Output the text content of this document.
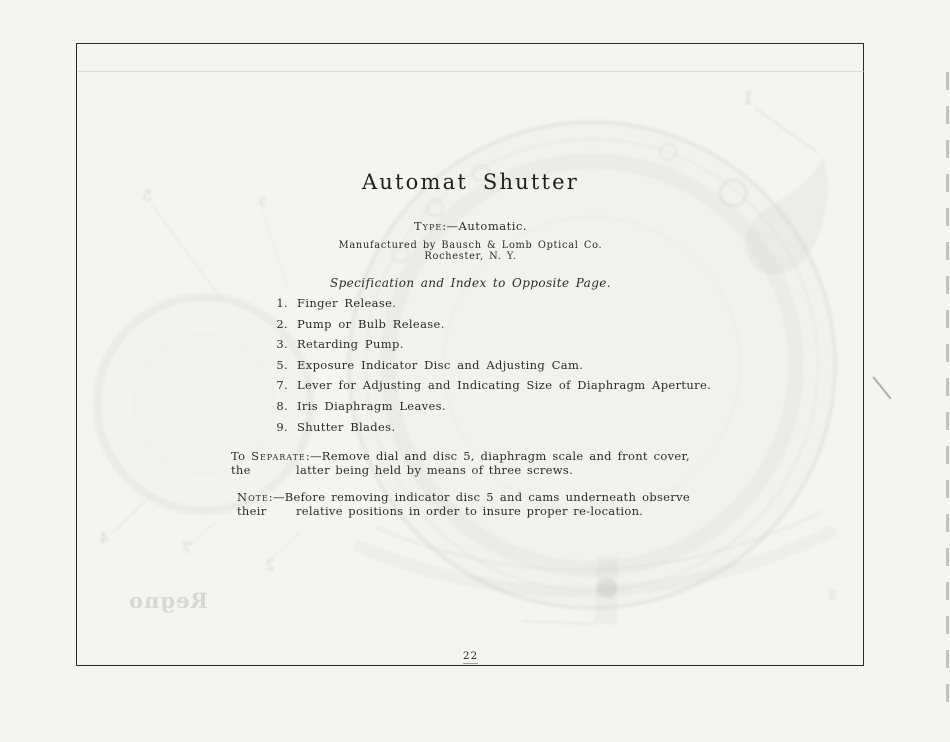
1
5	3
4
7
2
8
Regno
Automat Shutter
Type:—Automatic.
Manufactured by Bausch & Lomb Optical Co.
Rochester, N. Y.
Specification and Index to Opposite Page.
1. Finger Release.
2. Pump or Bulb Release.
3. Retarding Pump.
5. Exposure Indicator Disc and Adjusting Cam.
7. Lever for Adjusting and Indicating Size of Diaphragm Aperture.
8. Iris Diaphragm Leaves.
9. Shutter Blades.
To Separate:—Remove dial and disc 5, diaphragm scale and front cover, the	latter being held by means of three screws.
Note:—Before removing indicator disc 5 and cams underneath observe their	relative positions in order to insure proper re-location.
22
